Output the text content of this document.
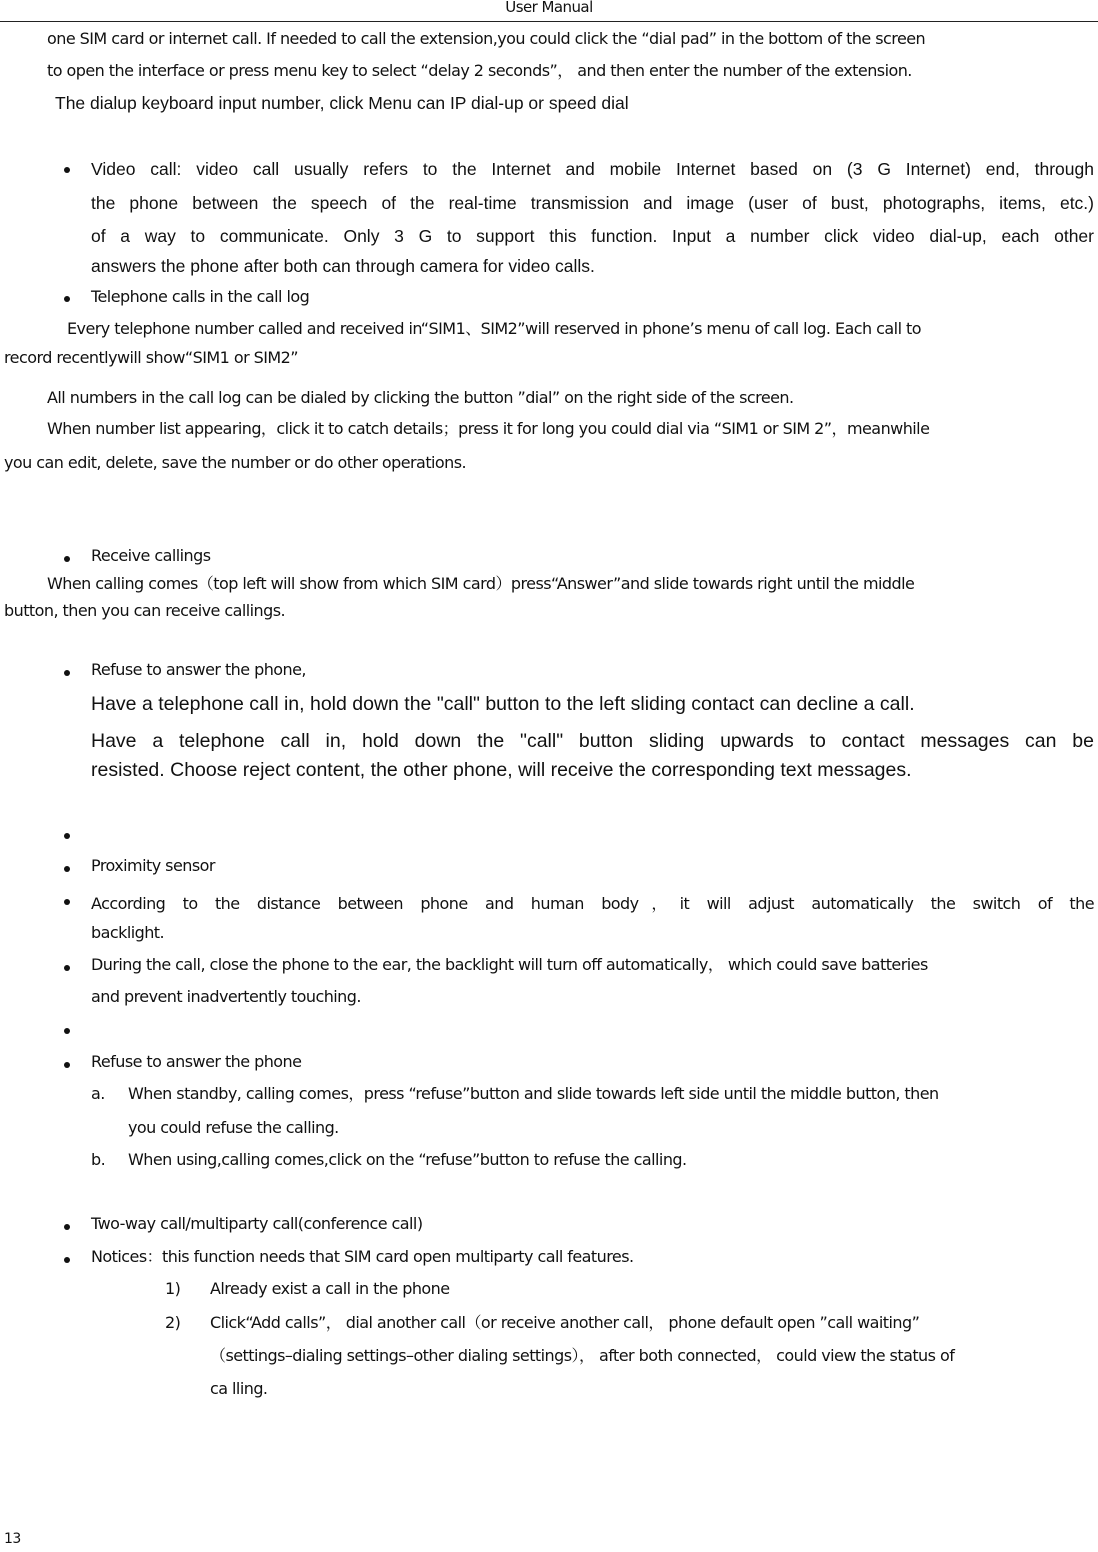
User Manual
one SIM card or internet call. If needed to call the extension,you could click the “dial pad” in the bottom of the screen
to open the interface or press menu key to select “delay 2 seconds”， and then enter the number of the extension.
The dialup keyboard input number, click Menu can IP dial-up or speed dial
Video call: video call usually refers to the Internet and mobile Internet based on (3 G Internet) end, through
the phone between the speech of the real-time transmission and image (user of bust, photographs, items, etc.)
of a way to communicate. Only 3 G to support this function. Input a number click video dial-up, each other
answers the phone after both can through camera for video calls.
Telephone calls in the call log
Every telephone number called and received in“SIM1、SIM2”will reserved in phone’s menu of call log. Each call to
record recentlywill show“SIM1 or SIM2”
All numbers in the call log can be dialed by clicking the button ”dial” on the right side of the screen.
When number list appearing，click it to catch details；press it for long you could dial via “SIM1 or SIM 2”，meanwhile
you can edit, delete, save the number or do other operations.
Receive callings
When calling comes（top left will show from which SIM card）press“Answer”and slide towards right until the middle
button, then you can receive callings.
Refuse to answer the phone,
Have a telephone call in, hold down the "call" button to the left sliding contact can decline a call.
Have a telephone call in, hold down the "call" button sliding upwards to contact messages can be
resisted. Choose reject content, the other phone, will receive the corresponding text messages.
Proximity sensor
According to the distance between phone and human body，it will adjust automatically the switch of the
backlight.
During the call, close the phone to the ear, the backlight will turn off automatically， which could save batteries
and prevent inadvertently touching.
Refuse to answer the phone
a. When standby, calling comes，press “refuse”button and slide towards left side until the middle button, then
you could refuse the calling.
b. When using,calling comes,click on the “refuse”button to refuse the calling.
Two-way call/multiparty call(conference call)
Notices：this function needs that SIM card open multiparty call features.
1) Already exist a call in the phone
2) Click“Add calls”， dial another call（or receive another call， phone default open ”call waiting”
（settings–dialing settings–other dialing settings）， after both connected， could view the status of
ca lling.
13
